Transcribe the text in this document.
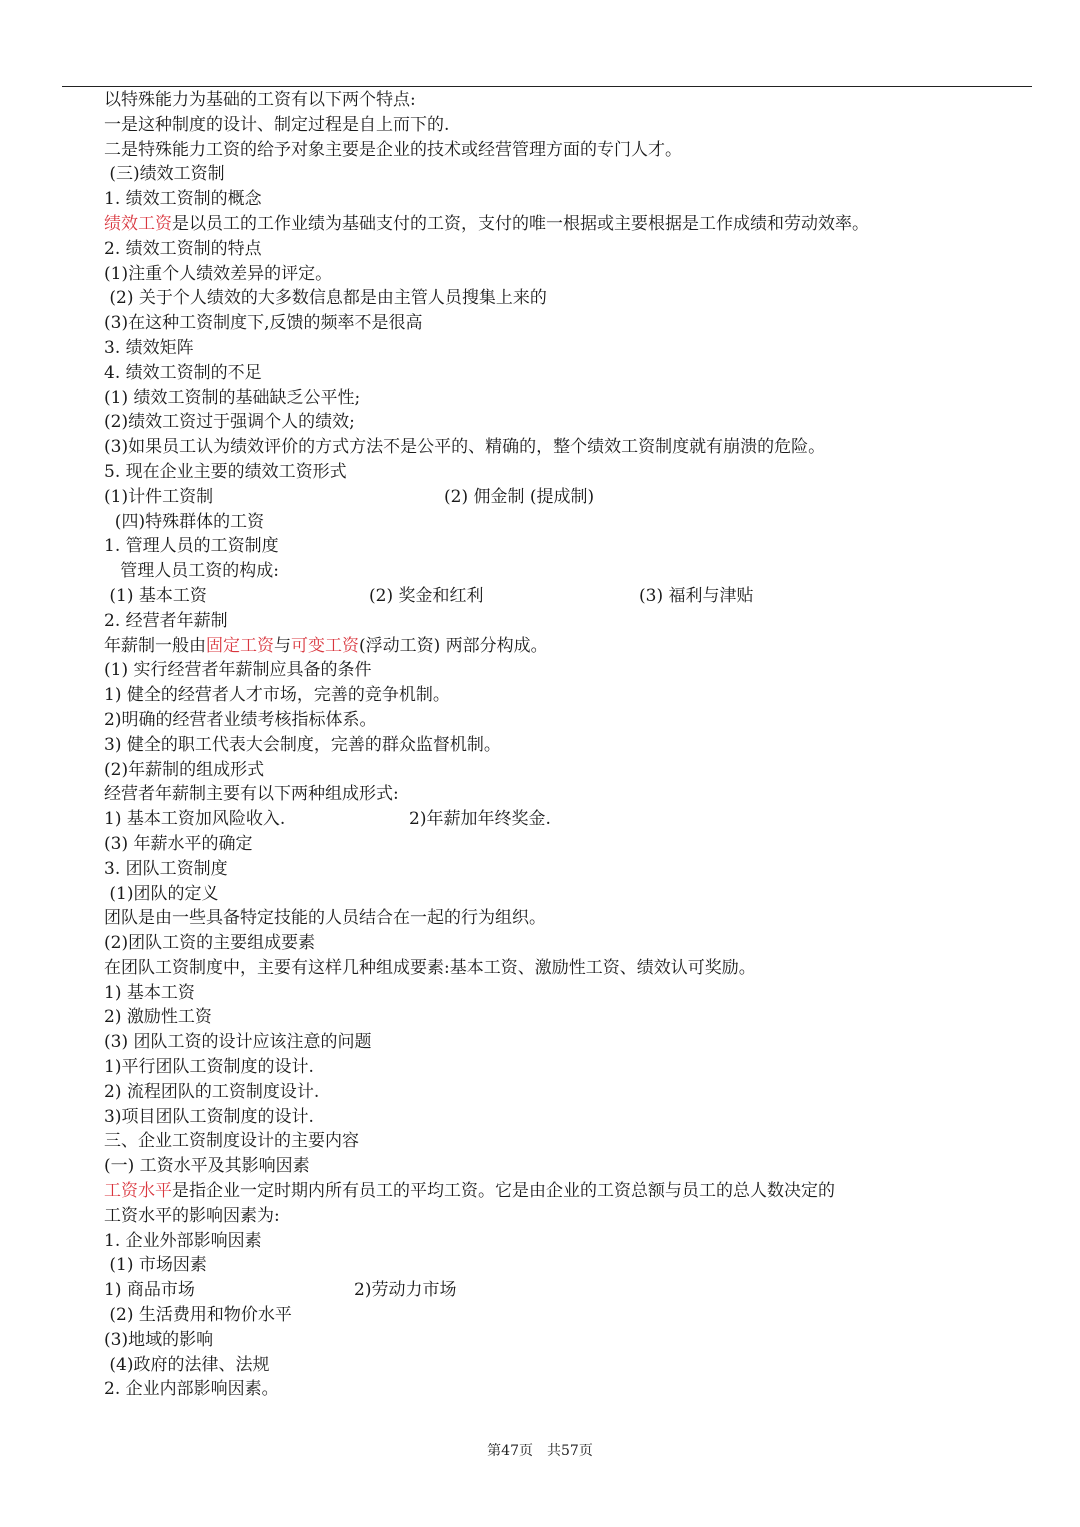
以特殊能力为基础的工资有以下两个特点:
一是这种制度的设计、制定过程是自上而下的.
二是特殊能力工资的给予对象主要是企业的技术或经营管理方面的专门人才。
(三)绩效工资制
1. 绩效工资制的概念
绩效工资是以员工的工作业绩为基础支付的工资，支付的唯一根据或主要根据是工作成绩和劳动效率。
2. 绩效工资制的特点
(1)注重个人绩效差异的评定。
(2) 关于个人绩效的大多数信息都是由主管人员搜集上来的
(3)在这种工资制度下,反馈的频率不是很高
3. 绩效矩阵
4. 绩效工资制的不足
(1) 绩效工资制的基础缺乏公平性;
(2)绩效工资过于强调个人的绩效;
(3)如果员工认为绩效评价的方式方法不是公平的、精确的，整个绩效工资制度就有崩溃的危险。
5. 现在企业主要的绩效工资形式
(1)计件工资制	(2) 佣金制 (提成制)
(四)特殊群体的工资
1. 管理人员的工资制度
管理人员工资的构成:
(1) 基本工资	(2) 奖金和红利	(3) 福利与津贴
2. 经营者年薪制
年薪制一般由固定工资与可变工资(浮动工资) 两部分构成。
(1) 实行经营者年薪制应具备的条件
1) 健全的经营者人才市场，完善的竞争机制。
2)明确的经营者业绩考核指标体系。
3) 健全的职工代表大会制度，完善的群众监督机制。
(2)年薪制的组成形式
经营者年薪制主要有以下两种组成形式:
1) 基本工资加风险收入.	2)年薪加年终奖金.
(3) 年薪水平的确定
3. 团队工资制度
(1)团队的定义
团队是由一些具备特定技能的人员结合在一起的行为组织。
(2)团队工资的主要组成要素
在团队工资制度中，主要有这样几种组成要素:基本工资、激励性工资、绩效认可奖励。
1) 基本工资
2) 激励性工资
(3) 团队工资的设计应该注意的问题
1)平行团队工资制度的设计.
2) 流程团队的工资制度设计.
3)项目团队工资制度的设计.
三、企业工资制度设计的主要内容
(一) 工资水平及其影响因素
工资水平是指企业一定时期内所有员工的平均工资。它是由企业的工资总额与员工的总人数决定的
工资水平的影响因素为:
1. 企业外部影响因素
(1) 市场因素
1) 商品市场	2)劳动力市场
(2) 生活费用和物价水平
(3)地域的影响
(4)政府的法律、法规
2. 企业内部影响因素。
第47页 共57页
